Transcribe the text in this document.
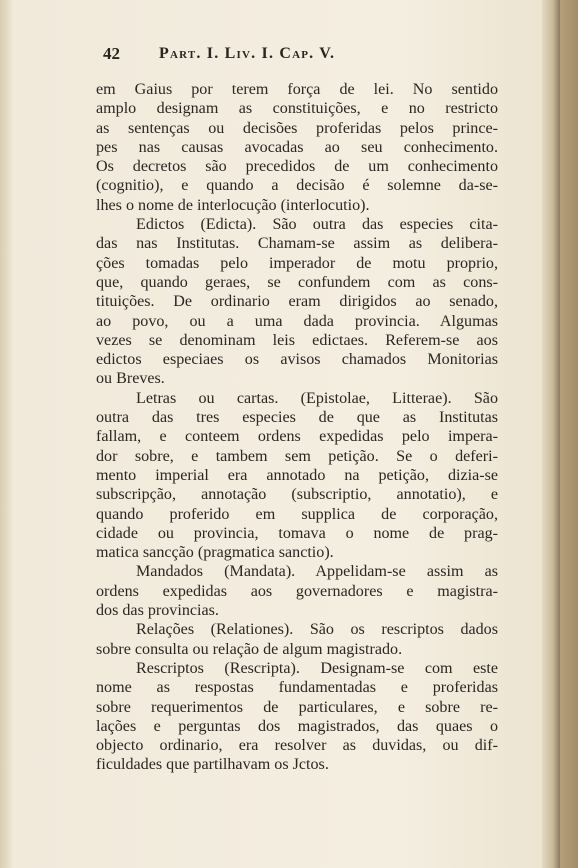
42 Part. I. Liv. I. Cap. V.
em Gaius por terem força de lei. No sentido
amplo designam as constituições, e no restricto
as sentenças ou decisões proferidas pelos prince-
pes nas causas avocadas ao seu conhecimento.
Os decretos são precedidos de um conhecimento
(cognitio), e quando a decisão é solemne da-se-
lhes o nome de interlocução (interlocutio).
Edictos (Edicta). São outra das especies cita-
das nas Institutas. Chamam-se assim as delibera-
ções tomadas pelo imperador de motu proprio,
que, quando geraes, se confundem com as cons-
tituições. De ordinario eram dirigidos ao senado,
ao povo, ou a uma dada provincia. Algumas
vezes se denominam leis edictaes. Referem-se aos
edictos especiaes os avisos chamados Monitorias
ou Breves.
Letras ou cartas. (Epistolae, Litterae). São
outra das tres especies de que as Institutas
fallam, e conteem ordens expedidas pelo impera-
dor sobre, e tambem sem petição. Se o deferi-
mento imperial era annotado na petição, dizia-se
subscripção, annotação (subscriptio, annotatio), e
quando proferido em supplica de corporação,
cidade ou provincia, tomava o nome de prag-
matica sancção (pragmatica sanctio).
Mandados (Mandata). Appelidam-se assim as
ordens expedidas aos governadores e magistra-
dos das provincias.
Relações (Relationes). São os rescriptos dados
sobre consulta ou relação de algum magistrado.
Rescriptos (Rescripta). Designam-se com este
nome as respostas fundamentadas e proferidas
sobre requerimentos de particulares, e sobre re-
lações e perguntas dos magistrados, das quaes o
objecto ordinario, era resolver as duvidas, ou dif-
ficuldades que partilhavam os Jctos.
